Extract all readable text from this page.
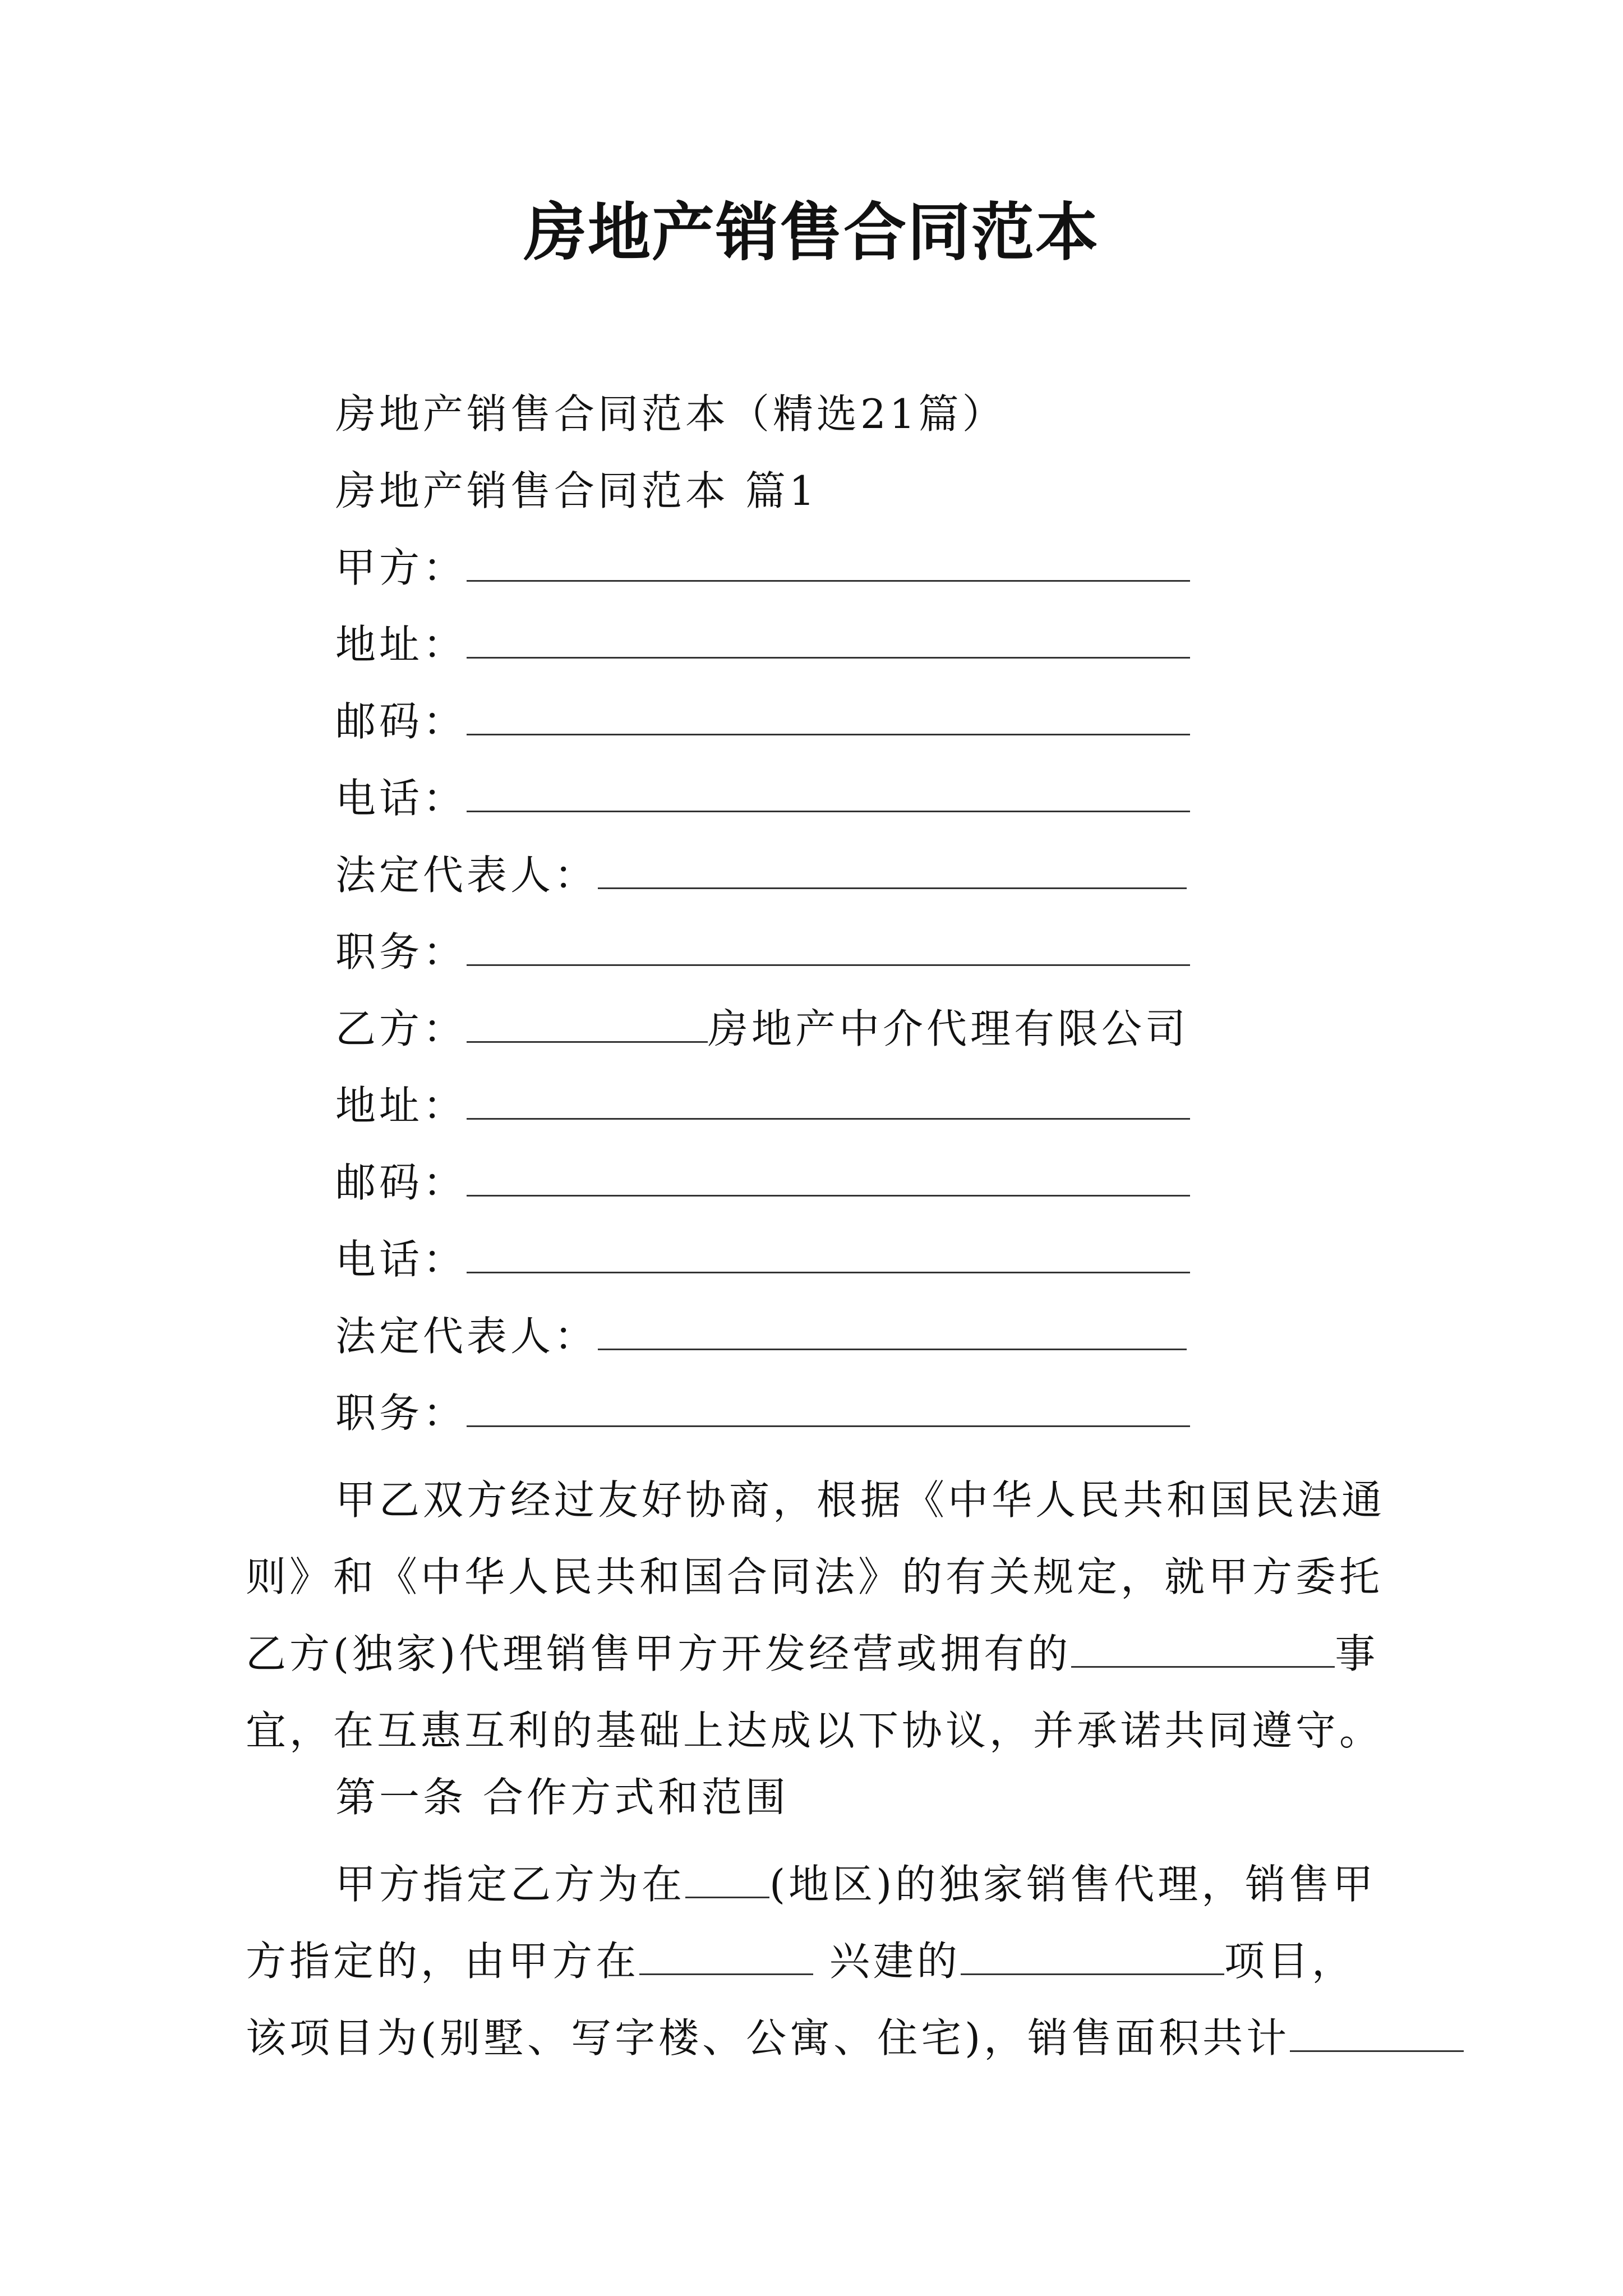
房地产销售合同范本
房地产销售合同范本（精选21篇）
房地产销售合同范本 篇1
甲方：
地址：
邮码：
电话：
法定代表人：
职务：
乙方：	房地产中介代理有限公司
地址：
邮码：
电话：
法定代表人：
职务：
甲乙双方经过友好协商，根据《中华人民共和国民法通
则》和《中华人民共和国合同法》的有关规定，就甲方委托
乙方(独家)代理销售甲方开发经营或拥有的	事
宜，在互惠互利的基础上达成以下协议，并承诺共同遵守。
第一条 合作方式和范围
甲方指定乙方为在 (地区)的独家销售代理，销售甲
方指定的，由甲方在	兴建的	项目，
该项目为(别墅、写字楼、公寓、住宅)，销售面积共计
